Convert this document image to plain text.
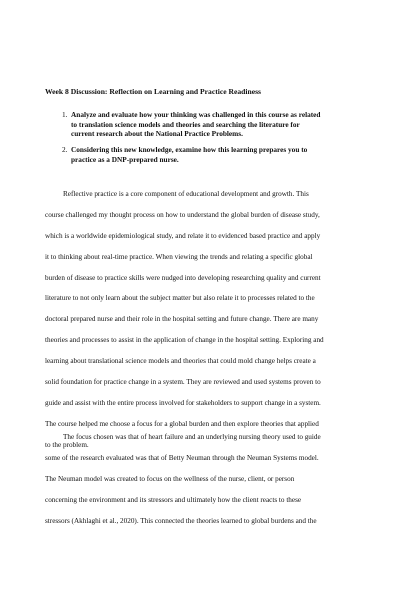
Week 8 Discussion: Reflection on Learning and Practice Readiness
1. Analyze and evaluate how your thinking was challenged in this course as related
to translation science models and theories and searching the literature for
current research about the National Practice Problems.
2. Considering this new knowledge, examine how this learning prepares you to
practice as a DNP-prepared nurse.
Reflective practice is a core component of educational development and growth. This
course challenged my thought process on how to understand the global burden of disease study,
which is a worldwide epidemiological study, and relate it to evidenced based practice and apply
it to thinking about real-time practice. When viewing the trends and relating a specific global
burden of disease to practice skills were nudged into developing researching quality and current
literature to not only learn about the subject matter but also relate it to processes related to the
doctoral prepared nurse and their role in the hospital setting and future change. There are many
theories and processes to assist in the application of change in the hospital setting. Exploring and
learning about translational science models and theories that could mold change helps create a
solid foundation for practice change in a system. They are reviewed and used systems proven to
guide and assist with the entire process involved for stakeholders to support change in a system.
The course helped me choose a focus for a global burden and then explore theories that applied
to the problem.
The focus chosen was that of heart failure and an underlying nursing theory used to guide
some of the research evaluated was that of Betty Neuman through the Neuman Systems model.
The Neuman model was created to focus on the wellness of the nurse, client, or person
concerning the environment and its stressors and ultimately how the client reacts to these
stressors (Akhlaghi et al., 2020). This connected the theories learned to global burdens and the
